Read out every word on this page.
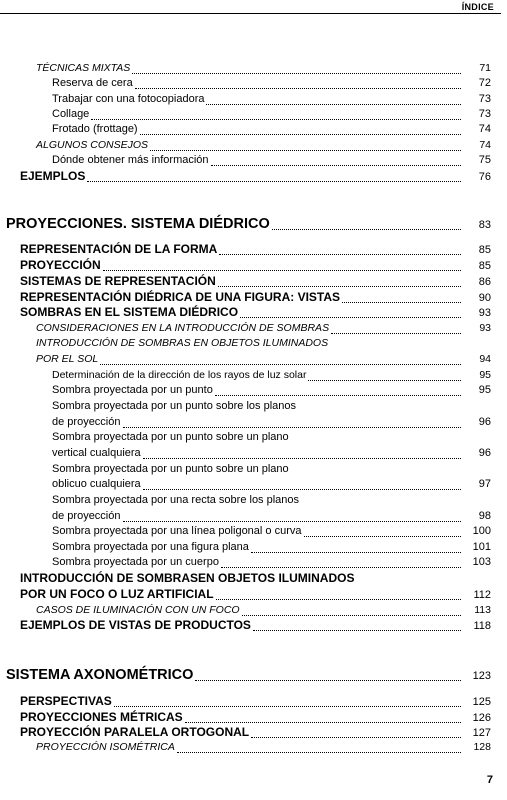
ÍNDICE
TÉCNICAS MIXTAS	71
Reserva de cera	72
Trabajar con una fotocopiadora	73
Collage	73
Frotado (frottage)	74
ALGUNOS CONSEJOS	74
Dónde obtener más información	75
EJEMPLOS	76
PROYECCIONES. SISTEMA DIÉDRICO	83
REPRESENTACIÓN DE LA FORMA	85
PROYECCIÓN	85
SISTEMAS DE REPRESENTACIÓN	86
REPRESENTACIÓN DIÉDRICA DE UNA FIGURA: VISTAS	90
SOMBRAS EN EL SISTEMA DIÉDRICO	93
CONSIDERACIONES EN LA INTRODUCCIÓN DE SOMBRAS	93
INTRODUCCIÓN DE SOMBRAS EN OBJETOS ILUMINADOS
POR EL SOL	94
Determinación de la dirección de los rayos de luz solar	95
Sombra proyectada por un punto	95
Sombra proyectada por un punto sobre los planos
de proyección	96
Sombra proyectada por un punto sobre un plano
vertical cualquiera	96
Sombra proyectada por un punto sobre un plano
oblicuo cualquiera	97
Sombra proyectada por una recta sobre los planos
de proyección	98
Sombra proyectada por una línea poligonal o curva	100
Sombra proyectada por una figura plana	101
Sombra proyectada por un cuerpo	103
INTRODUCCIÓN DE SOMBRASEN OBJETOS ILUMINADOS
POR UN FOCO O LUZ ARTIFICIAL	112
CASOS DE ILUMINACIÓN CON UN FOCO	113
EJEMPLOS DE VISTAS DE PRODUCTOS	118
SISTEMA AXONOMÉTRICO	123
PERSPECTIVAS	125
PROYECCIONES MÉTRICAS	126
PROYECCIÓN PARALELA ORTOGONAL	127
PROYECCIÓN ISOMÉTRICA	128
7
